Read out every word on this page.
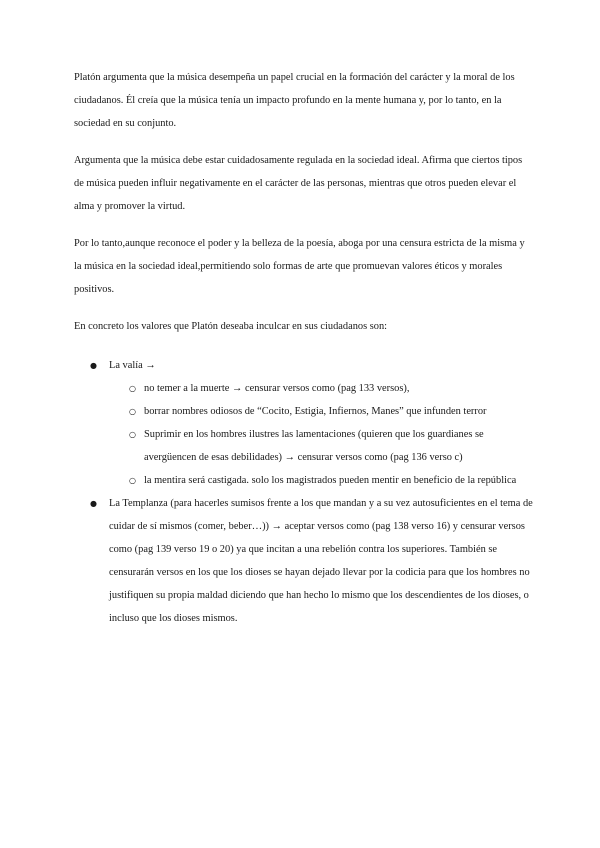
Platón argumenta que la música desempeña un papel crucial en la formación del carácter y la moral de los ciudadanos. Él creía que la música tenía un impacto profundo en la mente humana y, por lo tanto, en la sociedad en su conjunto.

Argumenta que la música debe estar cuidadosamente regulada en la sociedad ideal. Afirma que ciertos tipos de música pueden influir negativamente en el carácter de las personas, mientras que otros pueden elevar el alma y promover la virtud.

Por lo tanto,aunque reconoce el poder y la belleza de la poesía, aboga por una censura estricta de la misma y la música en la sociedad ideal,permitiendo solo formas de arte que promuevan valores éticos y morales positivos.

En concreto los valores que Platón deseaba inculcar en sus ciudadanos son:

● La valía →
○ no temer a la muerte → censurar versos como (pag 133 versos),
○ borrar nombres odiosos de “Cocito, Estigia, Infiernos, Manes” que infunden terror
○ Suprimir en los hombres ilustres las lamentaciones (quieren que los guardianes se avergüencen de esas debilidades) → censurar versos como (pag 136 verso c)
○ la mentira será castigada. solo los magistrados pueden mentir en beneficio de la república
● La Templanza (para hacerles sumisos frente a los que mandan y a su vez autosuficientes en el tema de cuidar de sí mismos (comer, beber…)) → aceptar versos como (pag 138 verso 16) y censurar versos como (pag 139 verso 19 o 20) ya que incitan a una rebelión contra los superiores. También se censurarán versos en los que los dioses se hayan dejado llevar por la codicia para que los hombres no justifiquen su propia maldad diciendo que han hecho lo mismo que los descendientes de los dioses, o incluso que los dioses mismos.
